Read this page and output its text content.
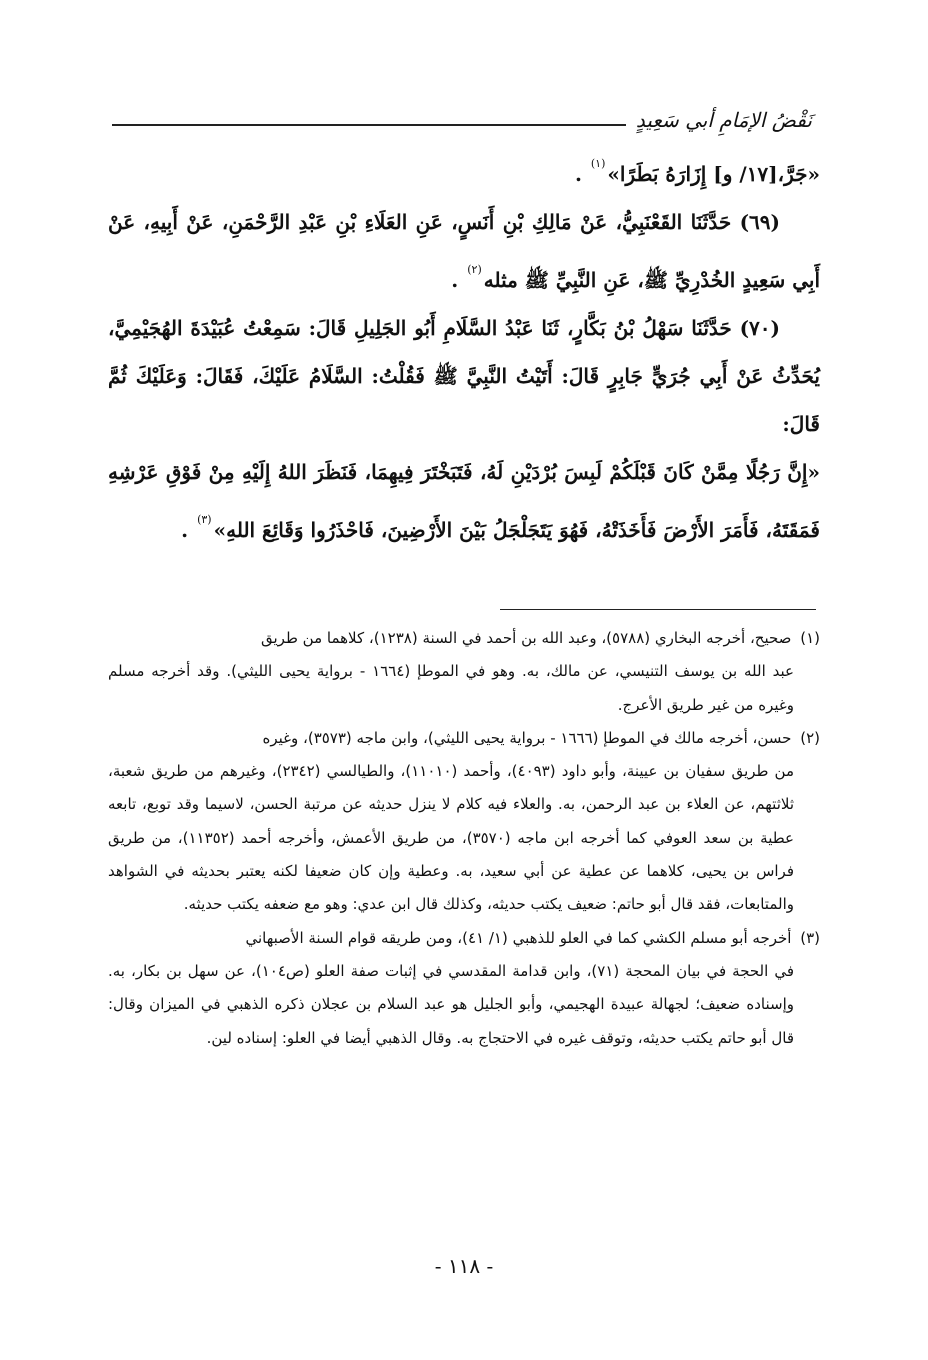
نَقْضُ الإمَامِ أبي سَعِيدٍ

«جَرَّ،[١٧/ و] إِزَارَهُ بَطَرًا»$^{(١)}$ .

(٦٩) حَدَّثَنَا القَعْنَبِيُّ، عَنْ مَالِكِ بْنِ أَنَسٍ، عَنِ العَلَاءِ بْنِ عَبْدِ الرَّحْمَنِ، عَنْ أَبِيهِ، عَنْ أَبِي سَعِيدٍ الخُدْرِيِّ ﷺ، عَنِ النَّبِيِّ ﷺ مثله$^{(٢)}$ .

(٧٠) حَدَّثَنَا سَهْلُ بْنُ بَكَّارٍ، ثَنَا عَبْدُ السَّلَامِ أَبُو الجَلِيلِ قَالَ: سَمِعْتُ عُبَيْدَةَ الهُجَيْمِيَّ، يُحَدِّثُ عَنْ أَبِي جُرَيٍّ جَابِرٍ قَالَ: أَتَيْتُ النَّبِيَّ ﷺ فَقُلْتُ: السَّلَامُ عَلَيْكَ، فَقَالَ: وَعَلَيْكَ ثُمَّ قَالَ:

«إِنَّ رَجُلًا مِمَّنْ كَانَ قَبْلَكُمْ لَبِسَ بُرْدَيْنِ لَهُ، فَتَبَخْتَرَ فِيهِمَا، فَنَظَرَ اللهُ إِلَيْهِ مِنْ فَوْقِ عَرْشِهِ فَمَقَتَهُ، فَأَمَرَ الأَرْضَ فَأَخَذَتْهُ، فَهُوَ يَتَجَلْجَلُ بَيْنَ الأَرْضِينَ، فَاحْذَرُوا وَقَائِعَ اللهِ»$^{(٣)}$ .

(١) صحيح، أخرجه البخاري (٥٧٨٨)، وعبد الله بن أحمد في السنة (١٢٣٨)، كلاهما من طريق
عبد الله بن يوسف التنيسي، عن مالك، به. وهو في الموطإ (١٦٦٤ - برواية يحيى الليثي). وقد أخرجه مسلم وغيره من غير طريق الأعرج.
(٢) حسن، أخرجه مالك في الموطإ (١٦٦٦ - برواية يحيى الليثي)، وابن ماجه (٣٥٧٣)، وغيره
من طريق سفيان بن عيينة، وأبو داود (٤٠٩٣)، وأحمد (١١٠١٠)، والطيالسي (٢٣٤٢)، وغيرهم من طريق شعبة، ثلاثتهم، عن العلاء بن عبد الرحمن، به. والعلاء فيه كلام لا ينزل حديثه عن مرتبة الحسن، لاسيما وقد توبع، تابعه عطية بن سعد العوفي كما أخرجه ابن ماجه (٣٥٧٠)، من طريق الأعمش، وأخرجه أحمد (١١٣٥٢)، من طريق فراس بن يحيى، كلاهما عن عطية عن أبي سعيد، به. وعطية وإن كان ضعيفا لكنه يعتبر بحديثه في الشواهد والمتابعات، فقد قال أبو حاتم: ضعيف يكتب حديثه، وكذلك قال ابن عدي: وهو مع ضعفه يكتب حديثه.
(٣) أخرجه أبو مسلم الكشي كما في العلو للذهبي (١/ ٤١)، ومن طريقه قوام السنة الأصبهاني
في الحجة في بيان المحجة (٧١)، وابن قدامة المقدسي في إثبات صفة العلو (ص١٠٤)، عن سهل بن بكار، به. وإسناده ضعيف؛ لجهالة عبيدة الهجيمي، وأبو الجليل هو عبد السلام بن عجلان ذكره الذهبي في الميزان وقال: قال أبو حاتم يكتب حديثه، وتوقف غيره في الاحتجاج به. وقال الذهبي أيضا في العلو: إسناده لين.
- ١١٨ -
